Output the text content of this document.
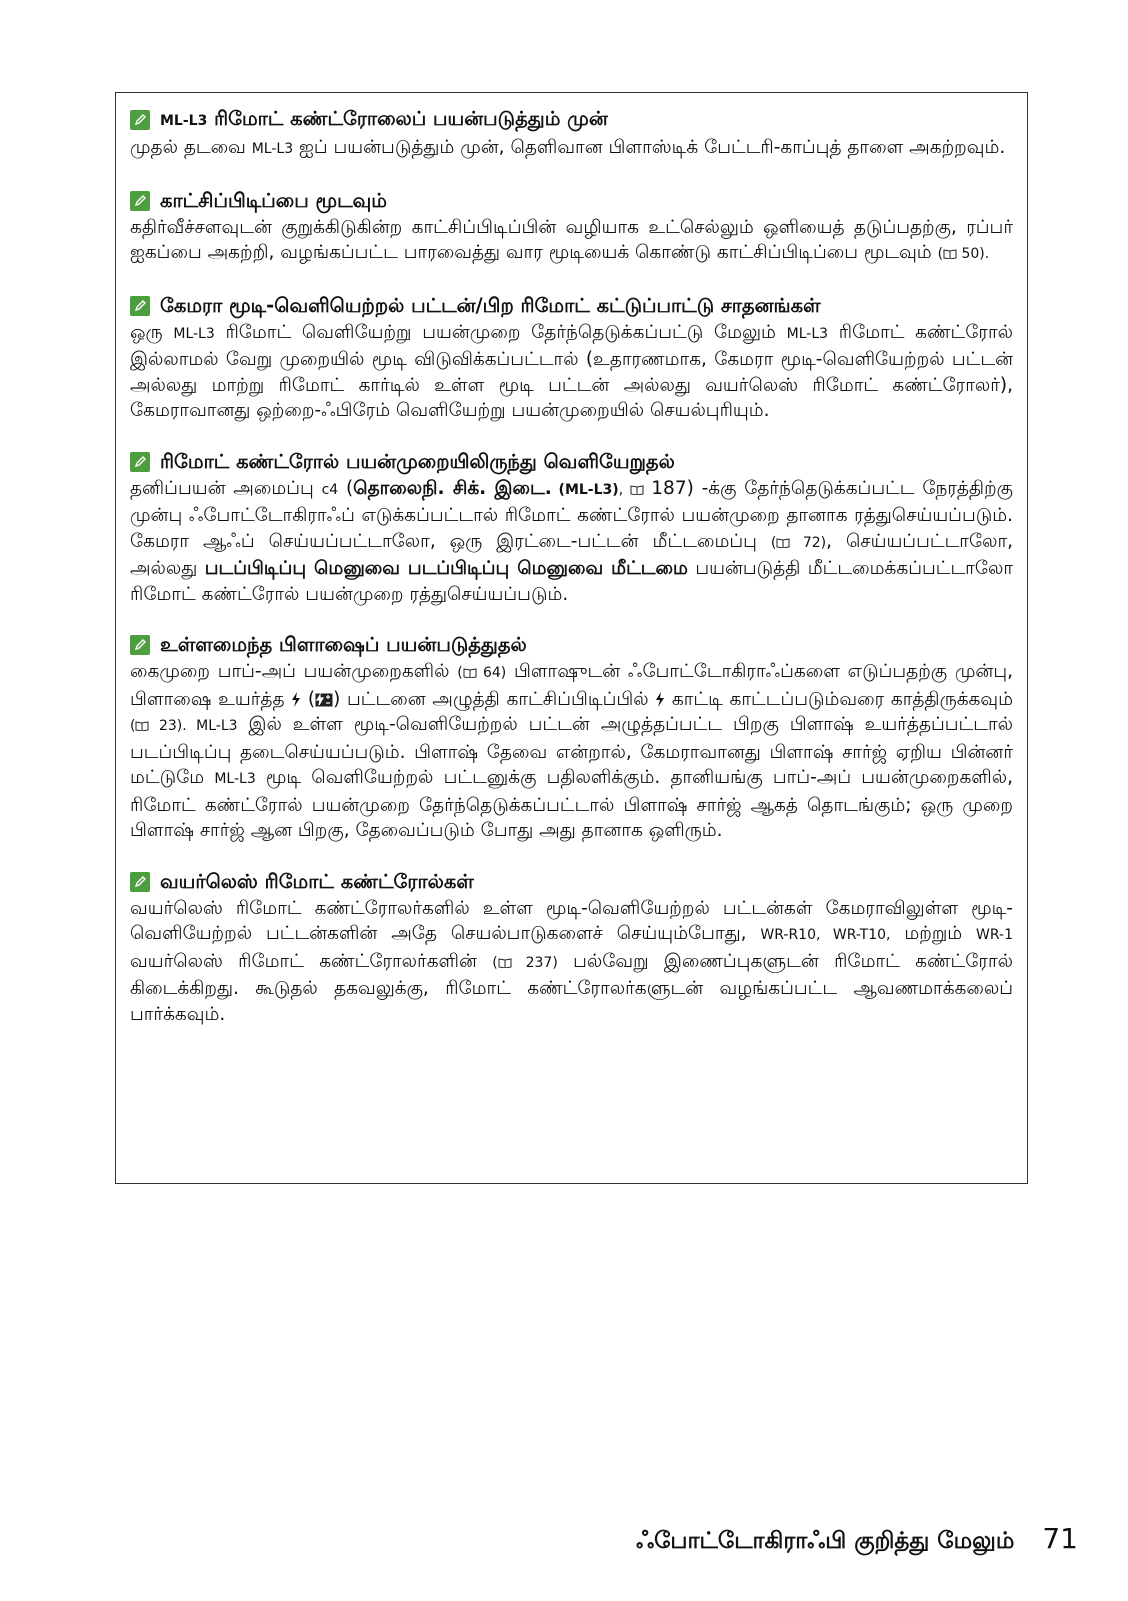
ML-L3 ரிமோட் கண்ட்ரோலைப் பயன்படுத்தும் முன்

முதல் தடவை ML-L3 ஐப் பயன்படுத்தும் முன், தெளிவான பிளாஸ்டிக் பேட்டரி-காப்புத் தாளை அகற்றவும்.

காட்சிப்பிடிப்பை மூடவும்

கதிர்வீச்சளவுடன் குறுக்கிடுகின்ற காட்சிப்பிடிப்பின் வழியாக உட்செல்லும் ஒளியைத் தடுப்பதற்கு, ரப்பர் ஐகப்பை அகற்றி, வழங்கப்பட்ட பாரவைத்து வார மூடியைக் கொண்டு காட்சிப்பிடிப்பை மூடவும் ( 50).

கேமரா மூடி-வெளியெற்றல் பட்டன்/பிற ரிமோட் கட்டுப்பாட்டு சாதனங்கள்

ஒரு ML-L3 ரிமோட் வெளியேற்று பயன்முறை தேர்ந்தெடுக்கப்பட்டு மேலும் ML-L3 ரிமோட் கண்ட்ரோல் இல்லாமல் வேறு முறையில் மூடி விடுவிக்கப்பட்டால் (உதாரணமாக, கேமரா மூடி-வெளியேற்றல் பட்டன் அல்லது மாற்று ரிமோட் கார்டில் உள்ள மூடி பட்டன் அல்லது வயர்லெஸ் ரிமோட் கண்ட்ரோலர்), கேமராவானது ஒற்றை-ஃபிரேம் வெளியேற்று பயன்முறையில் செயல்புரியும்.

ரிமோட் கண்ட்ரோல் பயன்முறையிலிருந்து வெளியேறுதல்

தனிப்பயன் அமைப்பு c4 (தொலைநி. சிக். இடை. (ML-L3),  187) -க்கு தேர்ந்தெடுக்கப்பட்ட நேரத்திற்கு முன்பு ஃபோட்டோகிராஃப் எடுக்கப்பட்டால் ரிமோட் கண்ட்ரோல் பயன்முறை தானாக ரத்துசெய்யப்படும். கேமரா ஆஃப் செய்யப்பட்டாலோ, ஒரு இரட்டை-பட்டன் மீட்டமைப்பு ( 72), செய்யப்பட்டாலோ, அல்லது படப்பிடிப்பு மெனுவை படப்பிடிப்பு மெனுவை மீட்டமை பயன்படுத்தி மீட்டமைக்கப்பட்டாலோ ரிமோட் கண்ட்ரோல் பயன்முறை ரத்துசெய்யப்படும்.

உள்ளமைந்த பிளாஷைப் பயன்படுத்துதல்

கைமுறை பாப்-அப் பயன்முறைகளில் ( 64) பிளாஷுடன் ஃபோட்டோகிராஃப்களை எடுப்பதற்கு முன்பு, பிளாஷை உயர்த்த  ( ) பட்டனை அழுத்தி காட்சிப்பிடிப்பில்  காட்டி காட்டப்படும்வரை காத்திருக்கவும் ( 23). ML-L3 இல் உள்ள மூடி-வெளியேற்றல் பட்டன் அழுத்தப்பட்ட பிறகு பிளாஷ் உயர்த்தப்பட்டால் படப்பிடிப்பு தடைசெய்யப்படும். பிளாஷ் தேவை என்றால், கேமராவானது பிளாஷ் சார்ஜ் ஏறிய பின்னர் மட்டுமே ML-L3 மூடி வெளியேற்றல் பட்டனுக்கு பதிலளிக்கும். தானியங்கு பாப்-அப் பயன்முறைகளில், ரிமோட் கண்ட்ரோல் பயன்முறை தேர்ந்தெடுக்கப்பட்டால் பிளாஷ் சார்ஜ் ஆகத் தொடங்கும்; ஒரு முறை பிளாஷ் சார்ஜ் ஆன பிறகு, தேவைப்படும் போது அது தானாக ஒளிரும்.

வயர்லெஸ் ரிமோட் கண்ட்ரோல்கள்

வயர்லெஸ் ரிமோட் கண்ட்ரோலர்களில் உள்ள மூடி-வெளியேற்றல் பட்டன்கள் கேமராவிலுள்ள மூடி-வெளியேற்றல் பட்டன்களின் அதே செயல்பாடுகளைச் செய்யும்போது, WR-R10, WR-T10, மற்றும் WR-1 வயர்லெஸ் ரிமோட் கண்ட்ரோலர்களின் ( 237) பல்வேறு இணைப்புகளுடன் ரிமோட் கண்ட்ரோல் கிடைக்கிறது. கூடுதல் தகவலுக்கு, ரிமோட் கண்ட்ரோலர்களுடன் வழங்கப்பட்ட ஆவணமாக்கலைப் பார்க்கவும்.

ஃபோட்டோகிராஃபி குறித்து மேலும் 71
